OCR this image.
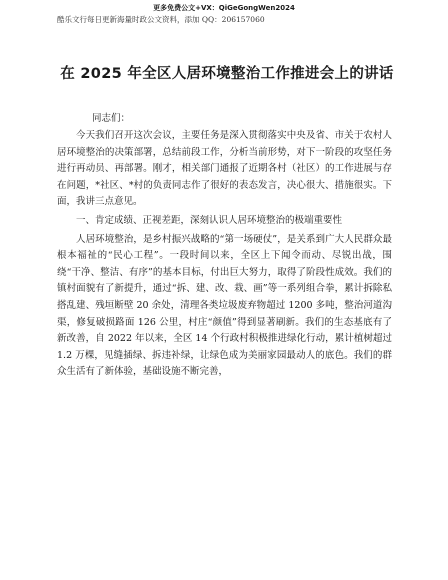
更多免费公文+VX：QiGeGongWen2024
酷乐文行每日更新海量时政公文资料，添加 QQ：206157060
在 2025 年全区人居环境整治工作推进会上的讲话
同志们：

今天我们召开这次会议，主要任务是深入贯彻落实中央及省、市关于农村人居环境整治的决策部署，总结前段工作，分析当前形势，对下一阶段的攻坚任务进行再动员、再部署。刚才，相关部门通报了近期各村（社区）的工作进展与存在问题，*社区、*村的负责同志作了很好的表态发言，决心很大、措施很实。下面，我讲三点意见。

一、肯定成绩、正视差距，深刻认识人居环境整治的极端重要性

人居环境整治，是乡村振兴战略的“第一场硬仗”，是关系到广大人民群众最根本福祉的“民心工程”。一段时间以来，全区上下闻令而动、尽锐出战，围绕“干净、整洁、有序”的基本目标，付出巨大努力，取得了阶段性成效。我们的镇村面貌有了新提升，通过“拆、建、改、栽、画”等一系列组合拳，累计拆除私搭乱建、残垣断壁 20 余处，清理各类垃圾废弃物超过 1200 多吨，整治河道沟渠，修复破损路面 126 公里，村庄“颜值”得到显著刷新。我们的生态基底有了新改善，自 2022 年以来，全区 14 个行政村积极推进绿化行动，累计植树超过 1.2 万棵，见缝插绿、拆违补绿，让绿色成为美丽家园最动人的底色。我们的群众生活有了新体验，基础设施不断完善，
